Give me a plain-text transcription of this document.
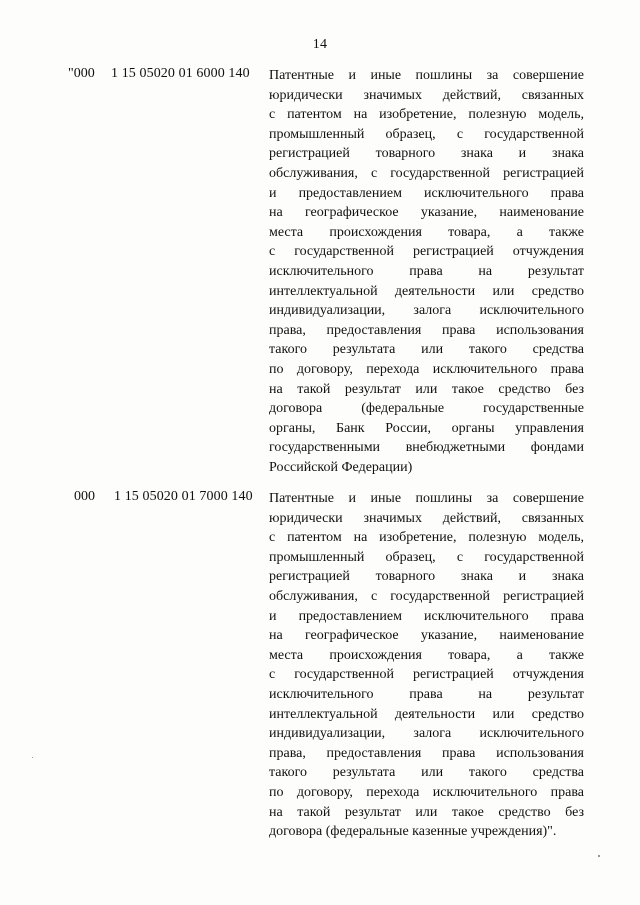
14
"000 1 15 05020 01 6000 140 Патентные и иные пошлины за совершение
юридически значимых действий, связанных
с патентом на изобретение, полезную модель,
промышленный образец, с государственной
регистрацией товарного знака и знака
обслуживания, с государственной регистрацией
и предоставлением исключительного права
на географическое указание, наименование
места происхождения товара, а также
с государственной регистрацией отчуждения
исключительного права на результат
интеллектуальной деятельности или средство
индивидуализации, залога исключительного
права, предоставления права использования
такого результата или такого средства
по договору, перехода исключительного права
на такой результат или такое средство без
договора (федеральные государственные
органы, Банк России, органы управления
государственными внебюджетными фондами
Российской Федерации)
000 1 15 05020 01 7000 140 Патентные и иные пошлины за совершение
юридически значимых действий, связанных
с патентом на изобретение, полезную модель,
промышленный образец, с государственной
регистрацией товарного знака и знака
обслуживания, с государственной регистрацией
и предоставлением исключительного права
на географическое указание, наименование
места происхождения товара, а также
с государственной регистрацией отчуждения
исключительного права на результат
интеллектуальной деятельности или средство
индивидуализации, залога исключительного
права, предоставления права использования
такого результата или такого средства
по договору, перехода исключительного права
на такой результат или такое средство без
договора (федеральные казенные учреждения)".
